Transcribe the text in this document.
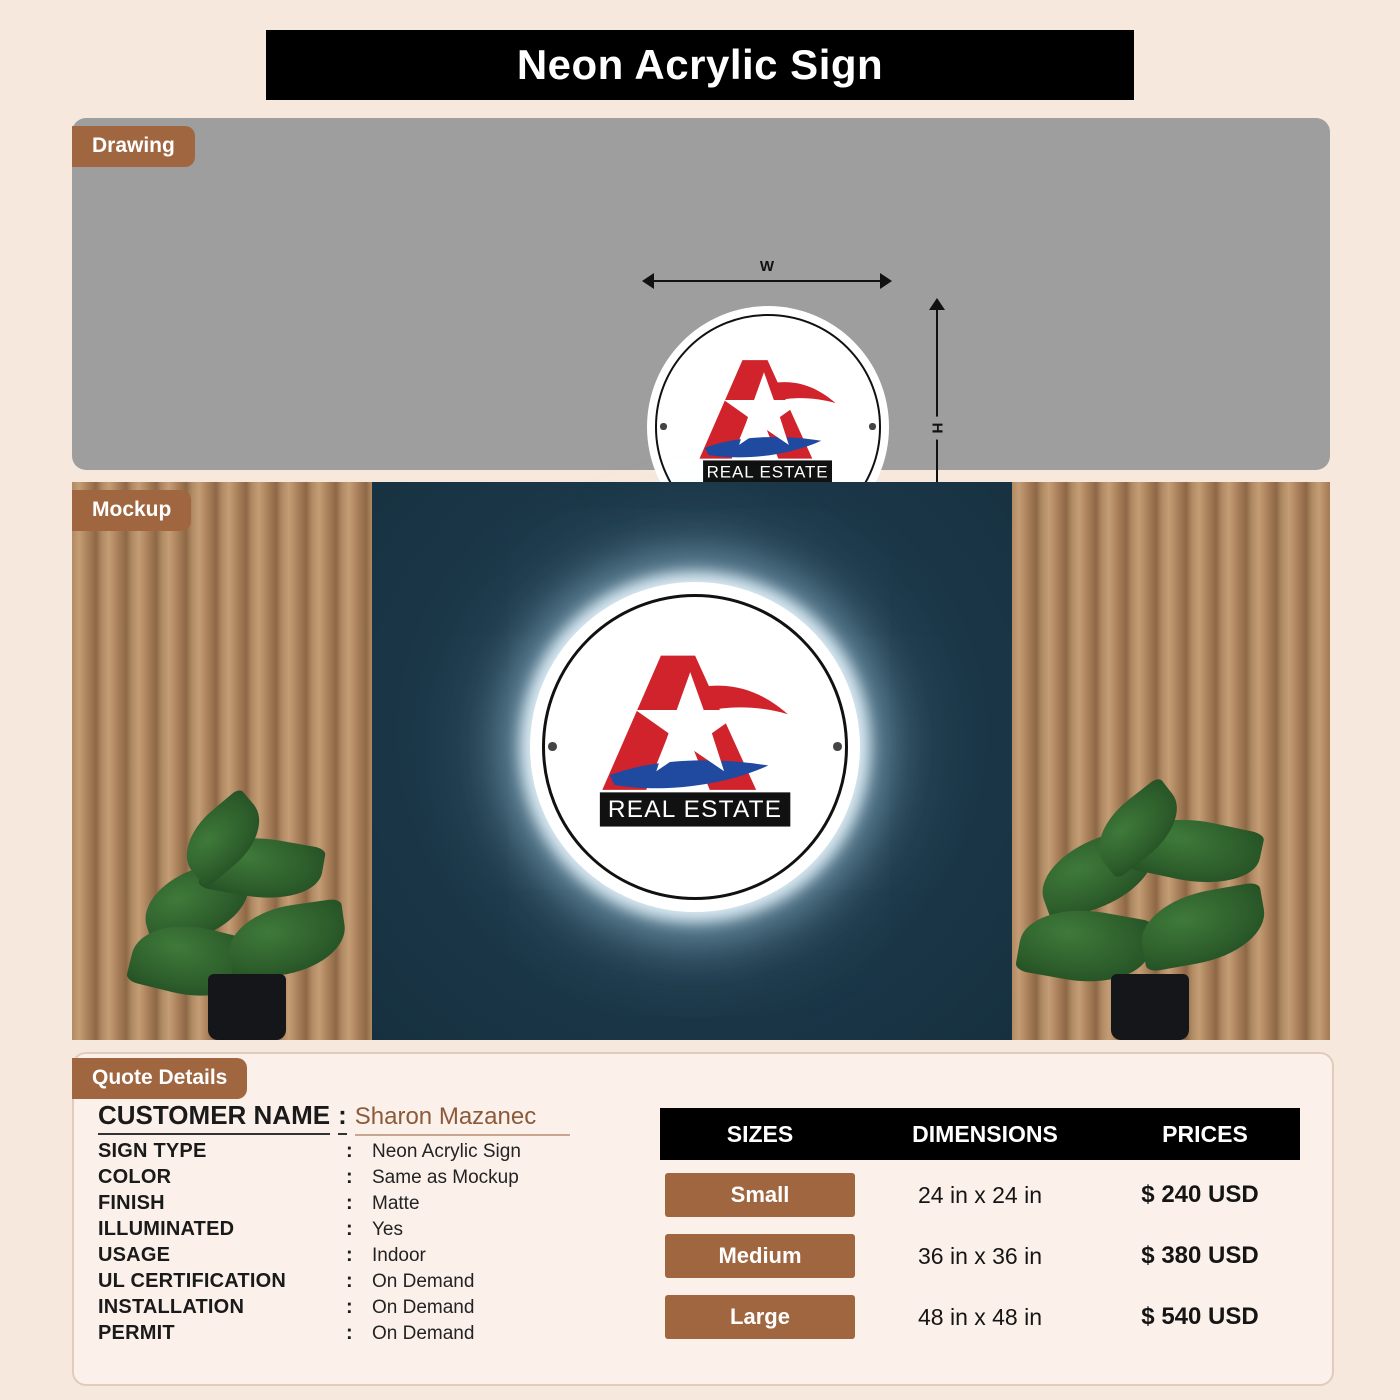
Neon Acrylic Sign
Drawing
W
H
REAL ESTATE
Mockup
REAL ESTATE
Quote Details
CUSTOMER NAME : Sharon Mazanec
SIGN TYPE	:	Neon Acrylic Sign
COLOR	:	Same as Mockup
FINISH	:	Matte
ILLUMINATED	:	Yes
USAGE	:	Indoor
UL CERTIFICATION	:	On Demand
INSTALLATION	:	On Demand
PERMIT	:	On Demand
SIZES	DIMENSIONS	PRICES
Small	24 in x 24 in	$ 240 USD
Medium	36 in x 36 in	$ 380 USD
Large	48 in x 48 in	$ 540 USD
